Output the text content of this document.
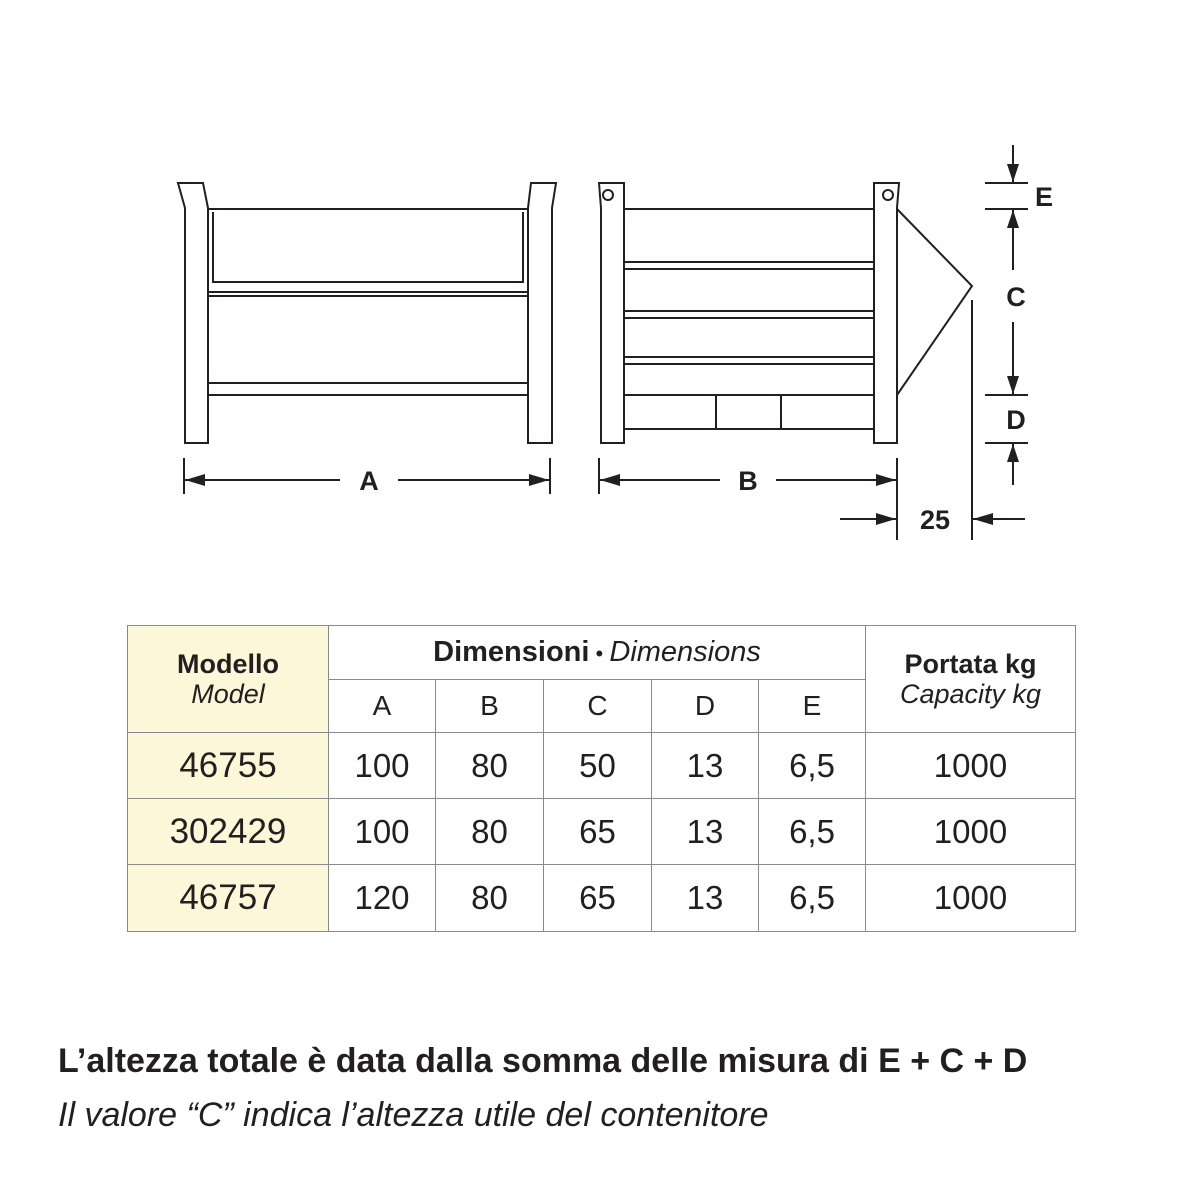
A	B
E
C
D
25
Modello
Model	Dimensioni • Dimensions					Portata kg
Capacity kg

	A	B	C	D	E	
46755	100	80	50	13	6,5	1000
302429	100	80	65	13	6,5	1000
46757	120	80	65	13	6,5	1000
L’altezza totale è data dalla somma delle misura di E + C + D
Il valore “C” indica l’altezza utile del contenitore
